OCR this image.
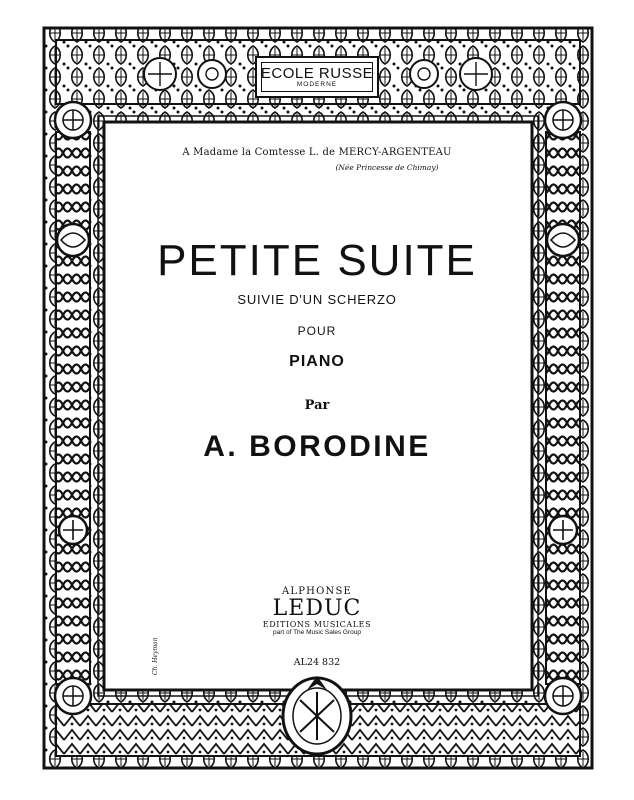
ECOLE RUSSE
MODERNE
A Madame la Comtesse L. de MERCY-ARGENTEAU
(Née Princesse de Chimay)
PETITE SUITE
SUIVIE D'UN SCHERZO
POUR
PIANO
Par
A. BORODINE
ALPHONSE
LEDUC
EDITIONS MUSICALES
part of The Music Sales Group
AL24 832
Ch. Heyman
